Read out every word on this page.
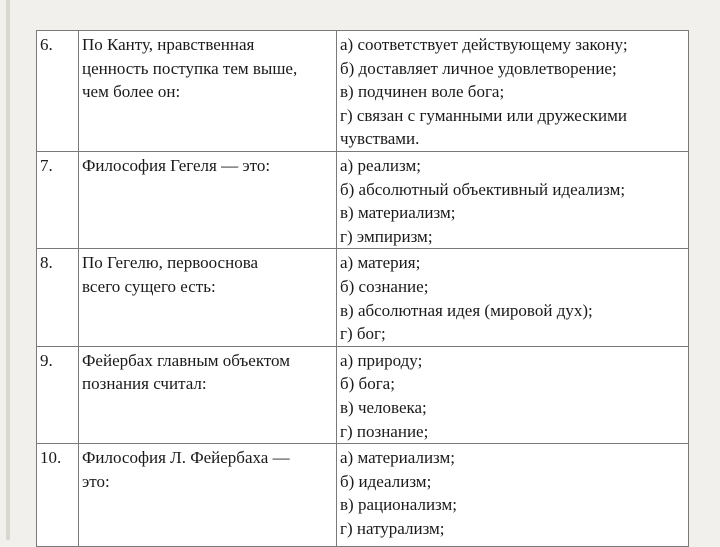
6.	По Канту, нравственная
ценность поступка тем выше,
чем более он:	а) соответствует действующему закону;
б) доставляет личное удовлетворение;
в) подчинен воле бога;
г) связан с гуманными или дружескими
чувствами.

7.	Философия Гегеля — это:	а) реализм;
б) абсолютный объективный идеализм;
в) материализм;
г) эмпиризм;

8.	По Гегелю, первооснова
всего сущего есть:	а) материя;
б) сознание;
в) абсолютная идея (мировой дух);
г) бог;

9.	Фейербах главным объектом
познания считал:	а) природу;
б) бога;
в) человека;
г) познание;

10.	Философия Л. Фейербаха —
это:	а) материализм;
б) идеализм;
в) рационализм;
г) натурализм;
